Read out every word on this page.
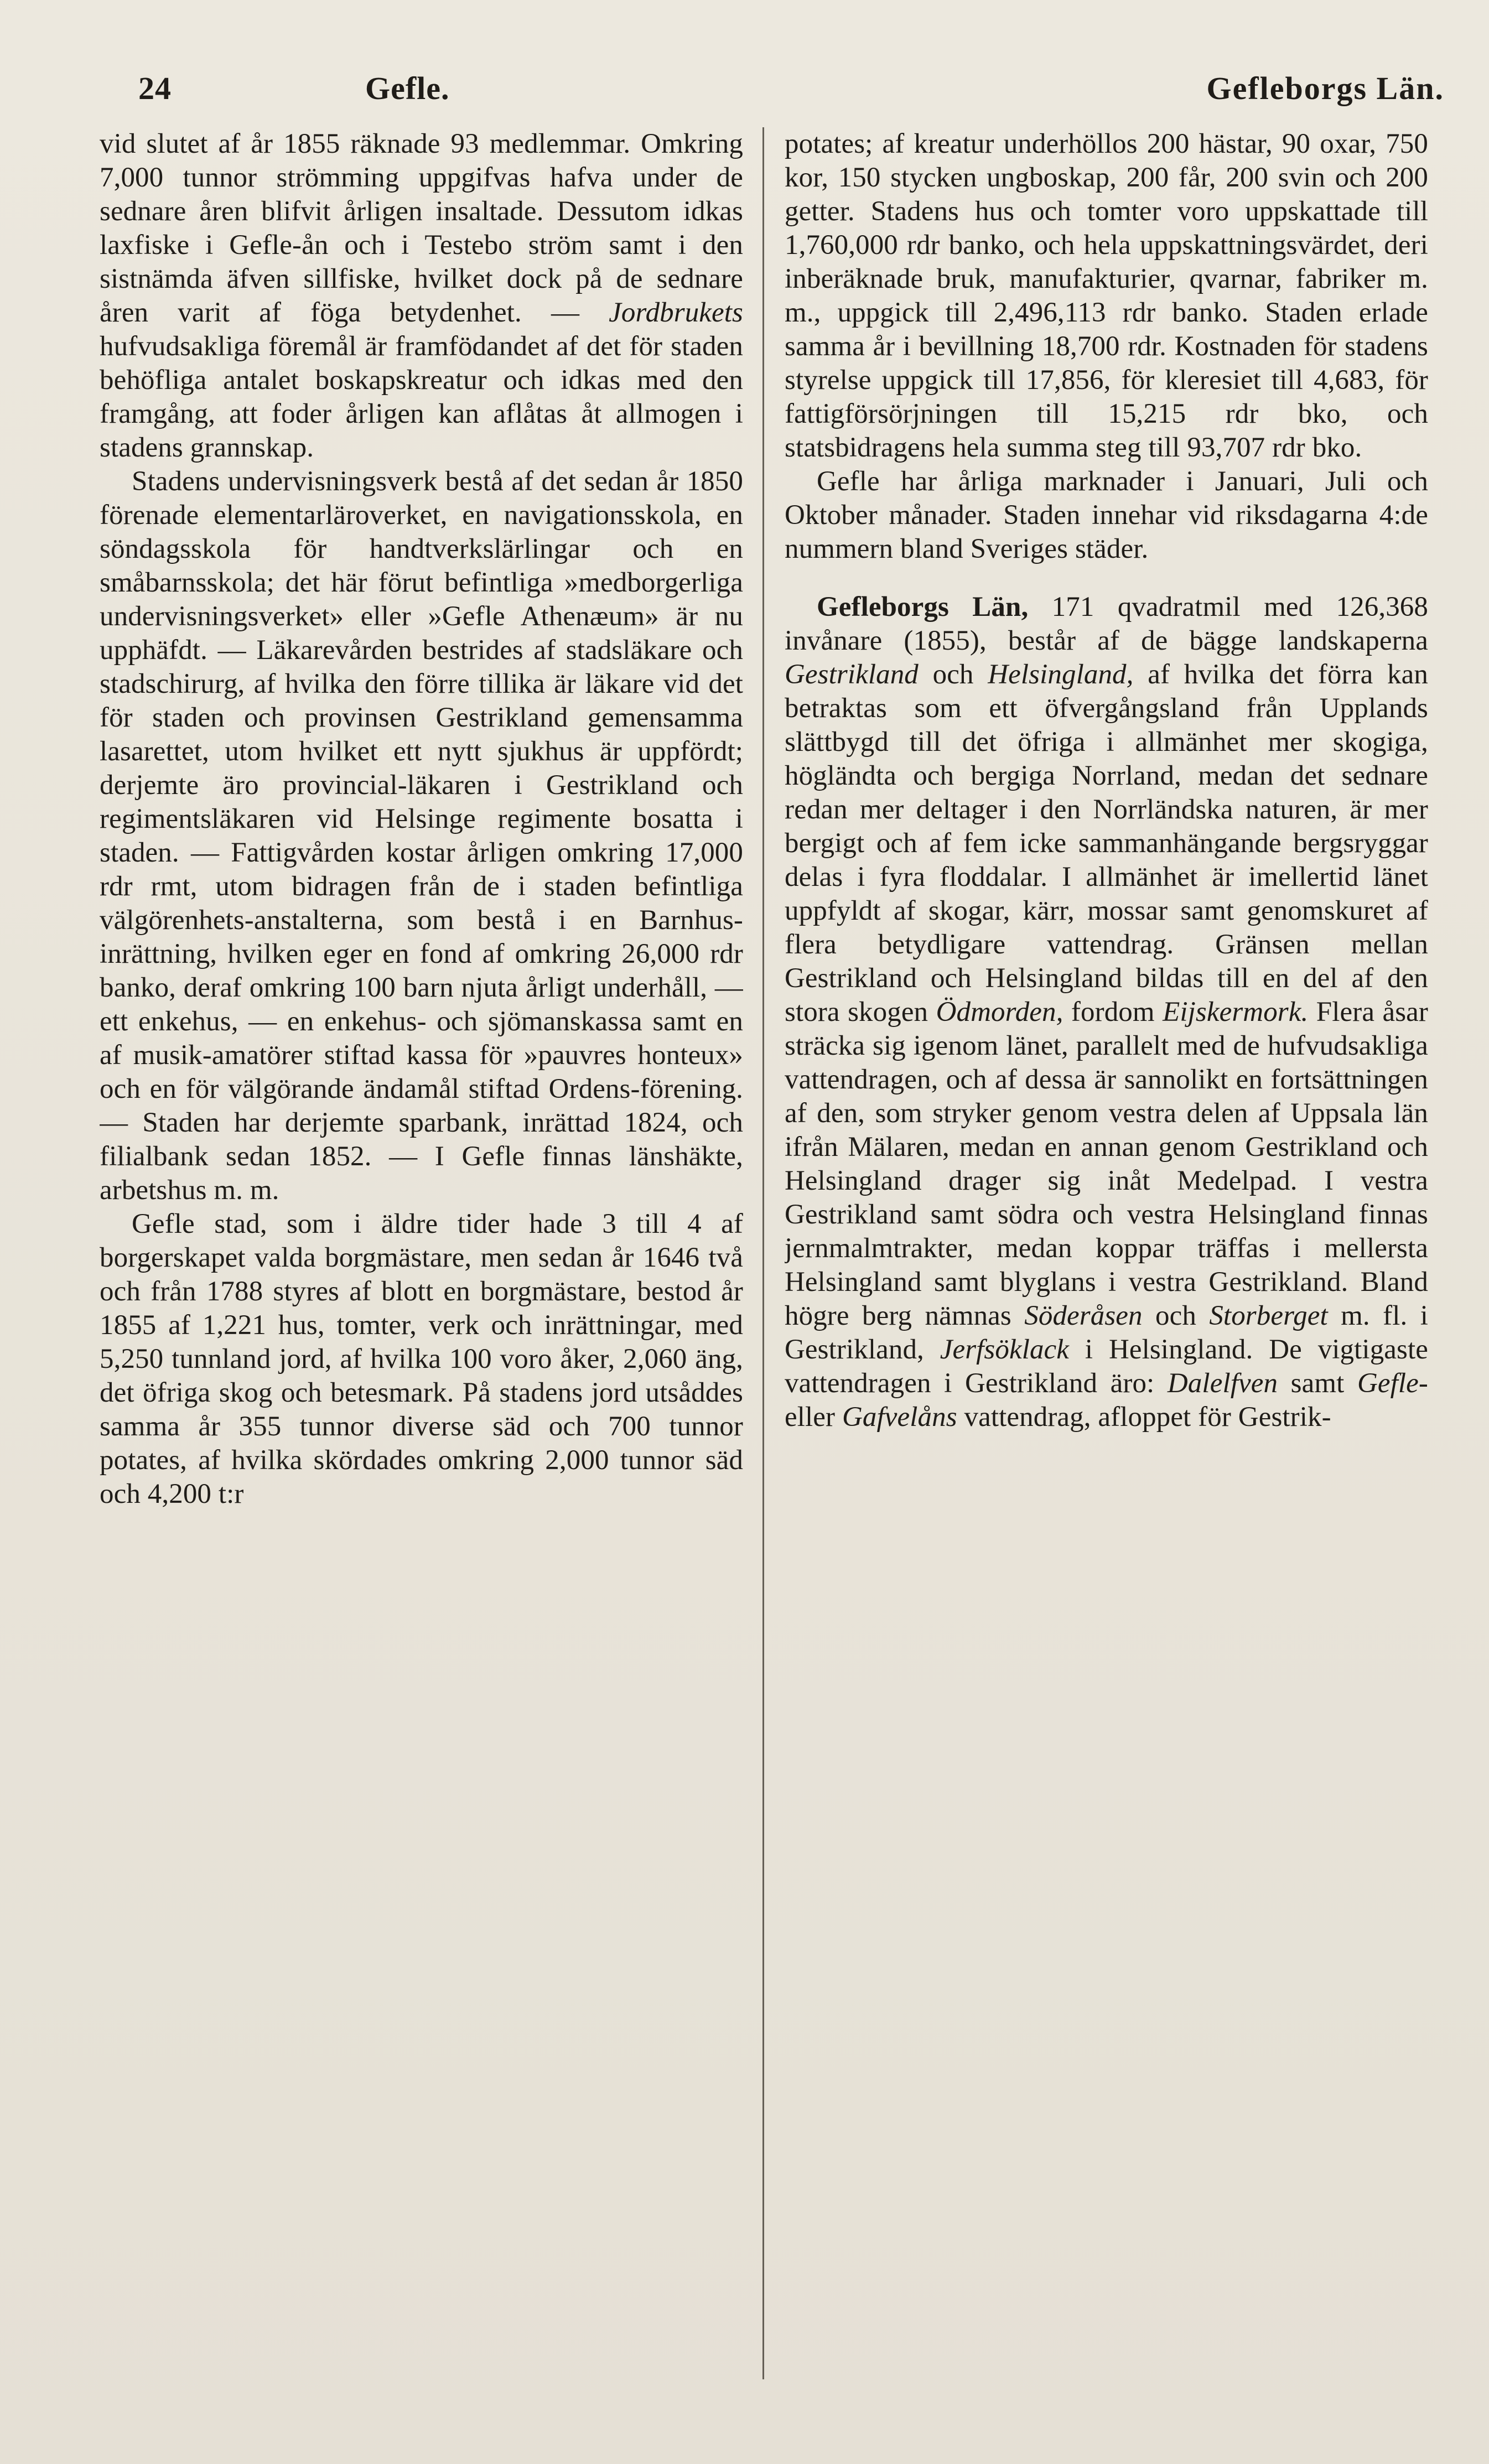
24	Gefle.	Gefleborgs Län.

vid slutet af år 1855 räknade 93 medlemmar. Omkring 7,000 tunnor strömming uppgifvas hafva under de sednare åren blifvit årligen insaltade. Dessutom idkas laxfiske i Gefle-ån och i Testebo ström samt i den sistnämda äfven sillfiske, hvilket dock på de sednare åren varit af föga betydenhet. — Jordbrukets hufvudsakliga föremål är framfödandet af det för staden behöfliga antalet boskapskreatur och idkas med den framgång, att foder årligen kan aflåtas åt allmogen i stadens grannskap.

Stadens undervisningsverk bestå af det sedan år 1850 förenade elementarläroverket, en navigationsskola, en söndagsskola för handtverkslärlingar och en småbarnsskola; det här förut befintliga »medborgerliga undervisningsverket» eller »Gefle Athenæum» är nu upphäfdt. — Läkarevården bestrides af stadsläkare och stadschirurg, af hvilka den förre tillika är läkare vid det för staden och provinsen Gestrikland gemensamma lasarettet, utom hvilket ett nytt sjukhus är uppfördt; derjemte äro provincial-läkaren i Gestrikland och regimentsläkaren vid Helsinge regimente bosatta i staden. — Fattigvården kostar årligen omkring 17,000 rdr rmt, utom bidragen från de i staden befintliga välgörenhets-anstalterna, som bestå i en Barnhus-inrättning, hvilken eger en fond af omkring 26,000 rdr banko, deraf omkring 100 barn njuta årligt underhåll, — ett enkehus, — en enkehus- och sjömanskassa samt en af musik-amatörer stiftad kassa för »pauvres honteux» och en för välgörande ändamål stiftad Ordens-förening. — Staden har derjemte sparbank, inrättad 1824, och filialbank sedan 1852. — I Gefle finnas länshäkte, arbetshus m. m.

Gefle stad, som i äldre tider hade 3 till 4 af borgerskapet valda borgmästare, men sedan år 1646 två och från 1788 styres af blott en borgmästare, bestod år 1855 af 1,221 hus, tomter, verk och inrättningar, med 5,250 tunnland jord, af hvilka 100 voro åker, 2,060 äng, det öfriga skog och betesmark. På stadens jord utsåddes samma år 355 tunnor diverse säd och 700 tunnor potates, af hvilka skördades omkring 2,000 tunnor säd och 4,200 t:r

potates; af kreatur underhöllos 200 hästar, 90 oxar, 750 kor, 150 stycken ungboskap, 200 får, 200 svin och 200 getter. Stadens hus och tomter voro uppskattade till 1,760,000 rdr banko, och hela uppskattningsvärdet, deri inberäknade bruk, manufakturier, qvarnar, fabriker m. m., uppgick till 2,496,113 rdr banko. Staden erlade samma år i bevillning 18,700 rdr. Kostnaden för stadens styrelse uppgick till 17,856, för kleresiet till 4,683, för fattigförsörjningen till 15,215 rdr bko, och statsbidragens hela summa steg till 93,707 rdr bko.

Gefle har årliga marknader i Januari, Juli och Oktober månader. Staden innehar vid riksdagarna 4:de nummern bland Sveriges städer.

Gefleborgs Län, 171 qvadratmil med 126,368 invånare (1855), består af de bägge landskaperna Gestrikland och Helsingland, af hvilka det förra kan betraktas som ett öfvergångsland från Upplands slättbygd till det öfriga i allmänhet mer skogiga, högländta och bergiga Norrland, medan det sednare redan mer deltager i den Norrländska naturen, är mer bergigt och af fem icke sammanhängande bergsryggar delas i fyra floddalar. I allmänhet är imellertid länet uppfyldt af skogar, kärr, mossar samt genomskuret af flera betydligare vattendrag. Gränsen mellan Gestrikland och Helsingland bildas till en del af den stora skogen Ödmorden, fordom Eijskermork. Flera åsar sträcka sig igenom länet, parallelt med de hufvudsakliga vattendragen, och af dessa är sannolikt en fortsättningen af den, som stryker genom vestra delen af Uppsala län ifrån Mälaren, medan en annan genom Gestrikland och Helsingland drager sig inåt Medelpad. I vestra Gestrikland samt södra och vestra Helsingland finnas jernmalmtrakter, medan koppar träffas i mellersta Helsingland samt blyglans i vestra Gestrikland. Bland högre berg nämnas Söderåsen och Storberget m. fl. i Gestrikland, Jerfsöklack i Helsingland. De vigtigaste vattendragen i Gestrikland äro: Dalelfven samt Gefle- eller Gafvelåns vattendrag, afloppet för Gestrik-
